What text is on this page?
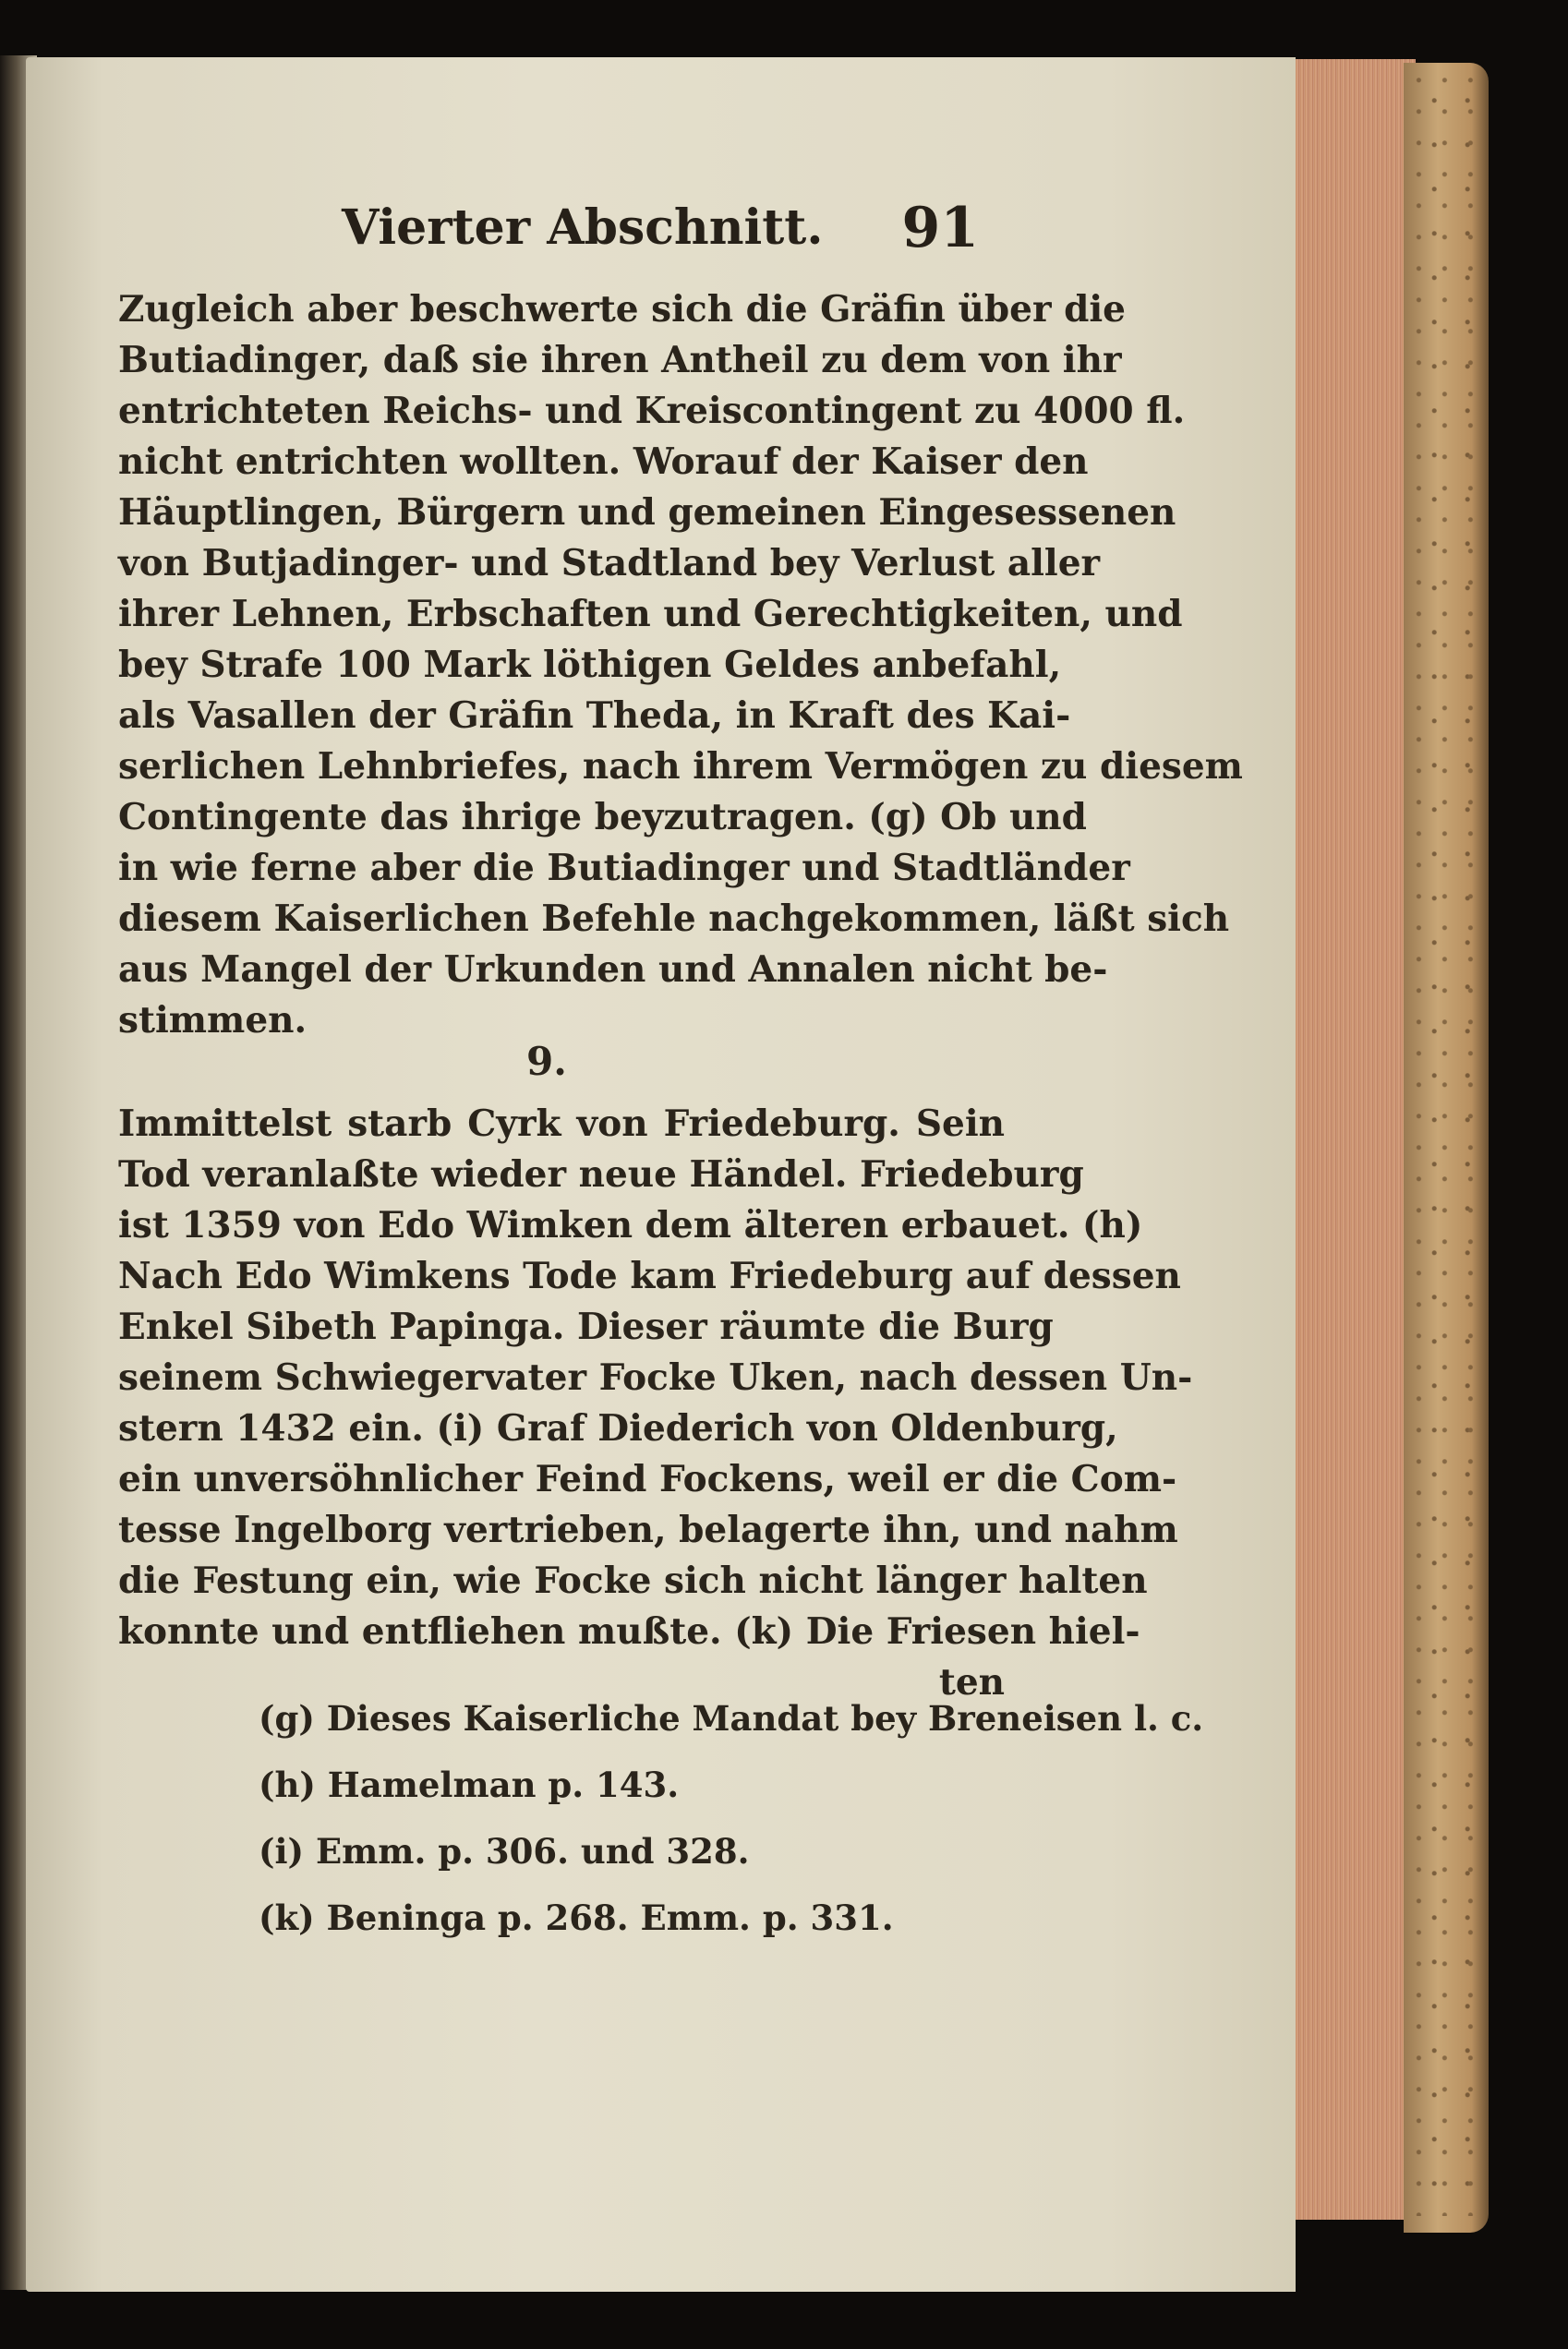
Vierter Abschnitt. 91
Zugleich aber beschwerte sich die Gräfin über die
Butiadinger, daß sie ihren Antheil zu dem von ihr
entrichteten Reichs- und Kreiscontingent zu 4000 fl.
nicht entrichten wollten. Worauf der Kaiser den
Häuptlingen, Bürgern und gemeinen Eingesessenen
von Butjadinger- und Stadtland bey Verlust aller
ihrer Lehnen, Erbschaften und Gerechtigkeiten, und
bey Strafe 100 Mark löthigen Geldes anbefahl,
als Vasallen der Gräfin Theda, in Kraft des Kai-
serlichen Lehnbriefes, nach ihrem Vermögen zu diesem
Contingente das ihrige beyzutragen. (g) Ob und
in wie ferne aber die Butiadinger und Stadtländer
diesem Kaiserlichen Befehle nachgekommen, läßt sich
aus Mangel der Urkunden und Annalen nicht be-
stimmen.
9.
Immittelst starb Cyrk von Friedeburg. Sein
Tod veranlaßte wieder neue Händel. Friedeburg
ist 1359 von Edo Wimken dem älteren erbauet. (h)
Nach Edo Wimkens Tode kam Friedeburg auf dessen
Enkel Sibeth Papinga. Dieser räumte die Burg
seinem Schwiegervater Focke Uken, nach dessen Un-
stern 1432 ein. (i) Graf Diederich von Oldenburg,
ein unversöhnlicher Feind Fockens, weil er die Com-
tesse Ingelborg vertrieben, belagerte ihn, und nahm
die Festung ein, wie Focke sich nicht länger halten
konnte und entfliehen mußte. (k) Die Friesen hiel-
ten
(g) Dieses Kaiserliche Mandat bey Breneisen l. c.
(h) Hamelman p. 143.
(i) Emm. p. 306. und 328.
(k) Beninga p. 268. Emm. p. 331.
